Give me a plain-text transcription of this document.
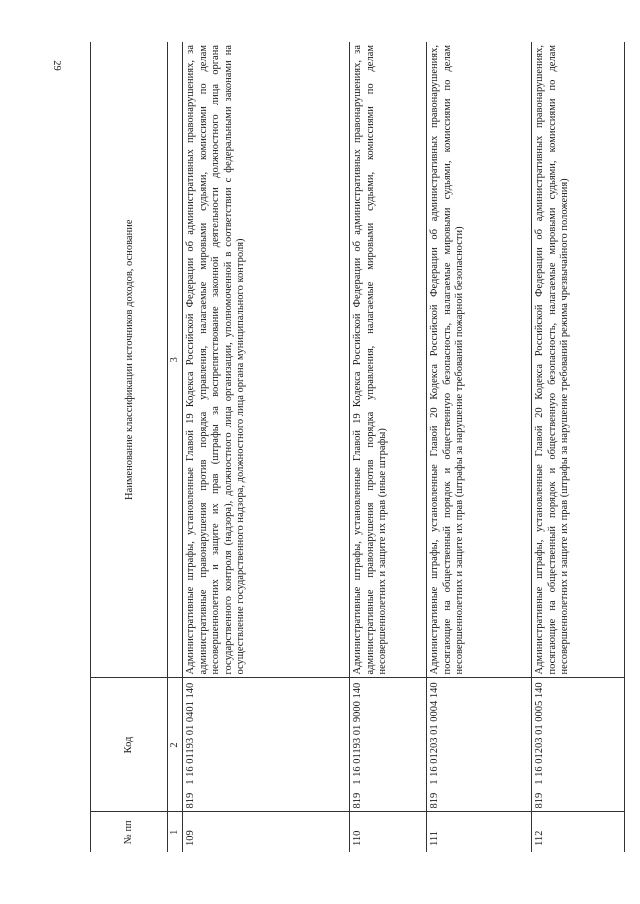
29
№ пп	Код	Наименование классификации источников доходов, основание
1	2	3
109	8191 16 01193 01 0401 140	Административные штрафы, установленные Главой 19 Кодекса Российской Федерации об административных правонарушениях, за административные правонарушения против порядка управления, налагаемые мировыми судьями, комиссиями по делам несовершеннолетних и защите их прав (штрафы за воспрепятствование законной деятельности должностного лица органа государственного контроля (надзора), должностного лица организации, уполномоченной в соответствии с федеральными законами на осуществление государственного надзора, должностного лица органа муниципального контроля)
110	8191 16 01193 01 9000 140	Административные штрафы, установленные Главой 19 Кодекса Российской Федерации об административных правонарушениях, за административные правонарушения против порядка управления, налагаемые мировыми судьями, комиссиями по делам несовершеннолетних и защите их прав (иные штрафы)
111	8191 16 01203 01 0004 140	Административные штрафы, установленные Главой 20 Кодекса Российской Федерации об административных правонарушениях, посягающие на общественный порядок и общественную безопасность, налагаемые мировыми судьями, комиссиями по делам несовершеннолетних и защите их прав (штрафы за нарушение требований пожарной безопасности)
112	8191 16 01203 01 0005 140	Административные штрафы, установленные Главой 20 Кодекса Российской Федерации об административных правонарушениях, посягающие на общественный порядок и общественную безопасность, налагаемые мировыми судьями, комиссиями по делам несовершеннолетних и защите их прав (штрафы за нарушение требований режима чрезвычайного положения)
